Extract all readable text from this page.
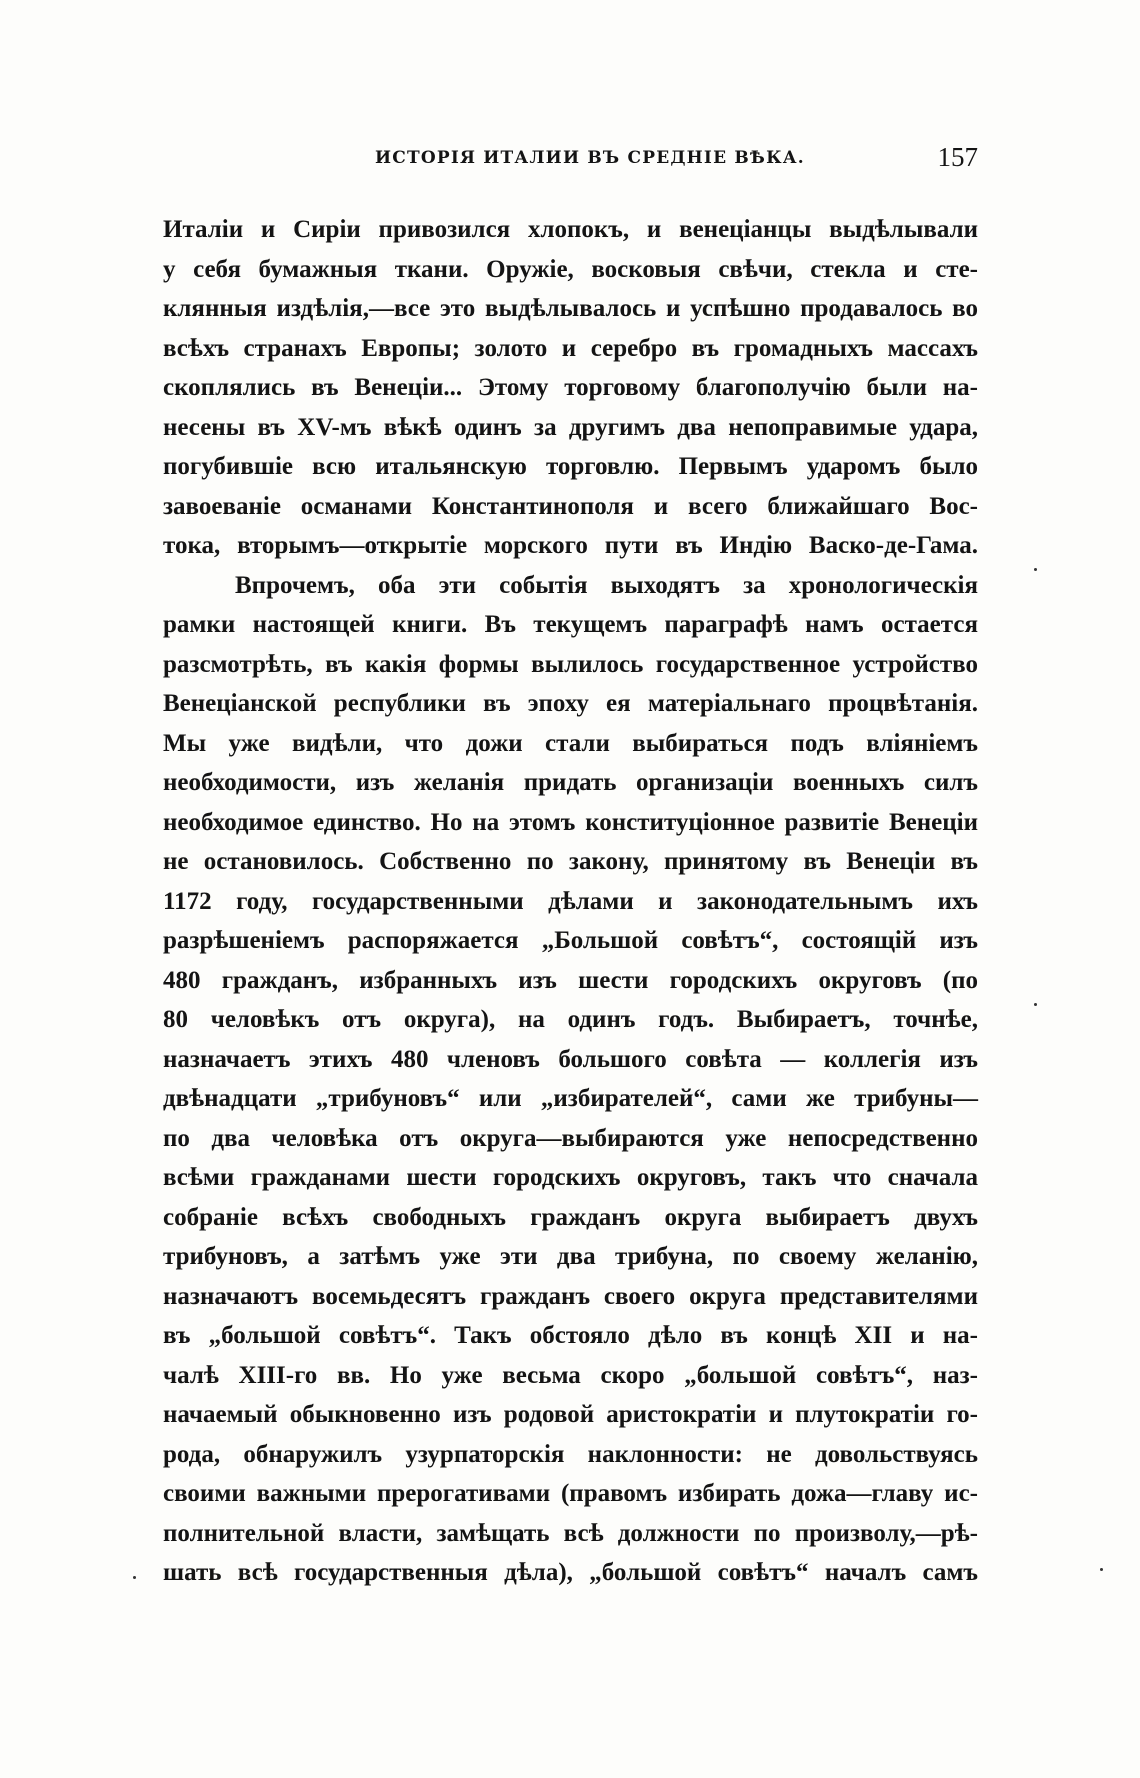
ИСТОРІЯ ИТАЛИИ ВЪ СРЕДНІЕ ВѢКА.	157
Италіи и Сиріи привозился хлопокъ, и венеціанцы выдѣлывали
у себя бумажныя ткани. Оружіе, восковыя свѣчи, стекла и сте-
клянныя издѣлія,—все это выдѣлывалось и успѣшно продавалось во
всѣхъ странахъ Европы; золото и серебро въ громадныхъ массахъ
скоплялись въ Венеціи... Этому торговому благополучію были на-
несены въ XV-мъ вѣкѣ одинъ за другимъ два непоправимые удара,
погубившіе всю итальянскую торговлю. Первымъ ударомъ было
завоеваніе османами Константинополя и всего ближайшаго Вос-
тока, вторымъ—открытіе морского пути въ Индію Васко-де-Гама.
Впрочемъ, оба эти событія выходятъ за хронологическія
рамки настоящей книги. Въ текущемъ параграфѣ намъ остается
разсмотрѣть, въ какія формы вылилось государственное устройство
Венеціанской республики въ эпоху ея матеріальнаго процвѣтанія.
Мы уже видѣли, что дожи стали выбираться подъ вліяніемъ
необходимости, изъ желанія придать организаціи военныхъ силъ
необходимое единство. Но на этомъ конституціонное развитіе Венеціи
не остановилось. Собственно по закону, принятому въ Венеціи въ
1172 году, государственными дѣлами и законодательнымъ ихъ
разрѣшеніемъ распоряжается „Большой совѣтъ“, состоящій изъ
480 гражданъ, избранныхъ изъ шести городскихъ округовъ (по
80 человѣкъ отъ округа), на одинъ годъ. Выбираетъ, точнѣе,
назначаетъ этихъ 480 членовъ большого совѣта — коллегія изъ
двѣнадцати „трибуновъ“ или „избирателей“, сами же трибуны—
по два человѣка отъ округа—выбираются уже непосредственно
всѣми гражданами шести городскихъ округовъ, такъ что сначала
собраніе всѣхъ свободныхъ гражданъ округа выбираетъ двухъ
трибуновъ, а затѣмъ уже эти два трибуна, по своему желанію,
назначаютъ восемьдесятъ гражданъ своего округа представителями
въ „большой совѣтъ“. Такъ обстояло дѣло въ концѣ XII и на-
чалѣ XIII-го вв. Но уже весьма скоро „большой совѣтъ“, наз-
начаемый обыкновенно изъ родовой аристократіи и плутократіи го-
рода, обнаружилъ узурпаторскія наклонности: не довольствуясь
своими важными прерогативами (правомъ избирать дожа—главу ис-
полнительной власти, замѣщать всѣ должности по произволу,—рѣ-
шать всѣ государственныя дѣла), „большой совѣтъ“ началъ самъ
